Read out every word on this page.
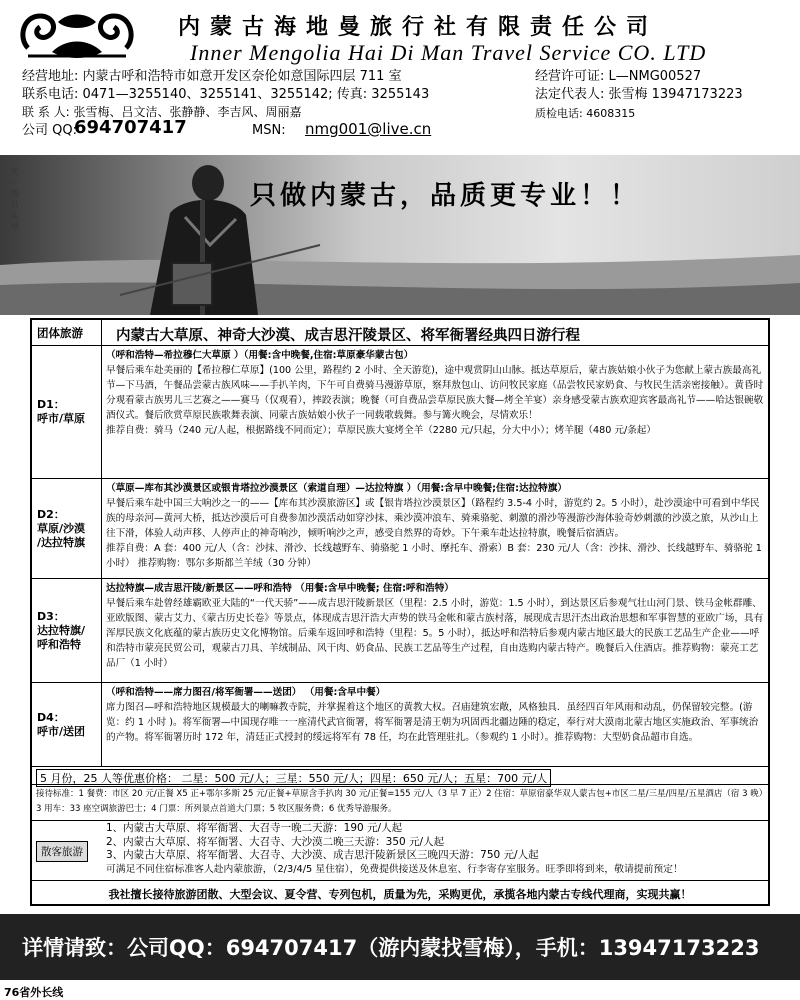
内蒙古海地曼旅行社有限责任公司
Inner Mengolia Hai Di Man Travel Service CO. LTD
经营地址: 内蒙古呼和浩特市如意开发区奈伦如意国际四层 711 室
联系电话: 0471—3255140、3255141、3255142; 传真: 3255143
联 系 人: 张雪梅、吕文洁、张静静、李吉风、周丽嘉
公司 QQ:
694707417	MSN: nmg001@live.cn
经营许可证: L—NMG00527
法定代表人: 张雪梅 13947173223
质检电话: 4608315
只做内蒙古，品质更专业！！
天一秀马头琴
团体旅游	内蒙古大草原、神奇大沙漠、成吉思汗陵景区、将军衙署经典四日游行程
D1：
呼市/草原

（呼和浩特—希拉穆仁大草原 ）（用餐:含中晚餐,住宿:草原豪华蒙古包）

早餐后乘车赴美丽的【希拉穆仁草原】(100 公里，路程约 2 小时、全天游览)，途中观赏阴山山脉。抵达草原后，蒙古族姑娘小伙子为您献上蒙古族最高礼节—下马酒，午餐品尝蒙古族风味——手扒羊肉，下午可自费骑马漫游草原，察拜敖包山、访问牧民家庭（品尝牧民家奶食、与牧民生活亲密接触）。黄昏时分观看蒙古族男儿三艺赛之——赛马（仅观看），摔跤表演；晚餐（可自费品尝草原民族大餐—烤全羊宴）亲身感受蒙古族欢迎宾客最高礼节——哈达银碗敬酒仪式。餐后欣赏草原民族歌舞表演、同蒙古族姑娘小伙子一同载歌载舞。参与篝火晚会，尽情欢乐！

推荐自费：骑马（240 元/人起，根据路线不同而定）；草原民族大宴烤全羊（2280 元/只起，分大中小）；烤羊腿（480 元/条起）

D2：
草原/沙漠
/达拉特旗

（草原—库布其沙漠景区或银肯塔拉沙漠景区（索道自理）—达拉特旗 ）（用餐:含早中晚餐;住宿:达拉特旗）

早餐后乘车赴中国三大响沙之一的——【库布其沙漠旅游区】或【银肯塔拉沙漠景区】（路程约 3.5-4 小时，游览约 2。5 小时），赴沙漠途中可看到中华民族的母亲河—黄河大桥，抵达沙漠后可自费参加沙漠活动如穿沙抹、乘沙漠冲浪车、骑乘骆驼、刺激的滑沙等漫游沙海体验奇妙刺激的沙漠之旅，从沙山上往下滑，体验人动声移、人停声止的神奇响沙，倾听响沙之声，感受自然界的奇妙。下午乘车赴达拉特旗，晚餐后宿酒店。

推荐自费：A 套：400 元/人（含：沙抹、滑沙、长线越野车、骑骆驼 1 小时、摩托车、滑索）B 套：230 元/人（含：沙抹、滑沙、长线越野车、骑骆驼 1 小时） 推荐购物：鄂尔多斯都兰羊绒（30 分钟）

D3：
达拉特旗/
呼和浩特

达拉特旗—成吉思汗陵/新景区——呼和浩特 （用餐:含早中晚餐; 住宿:呼和浩特）

早餐后乘车赴曾经雄霸欧亚大陆的“一代天骄”——成吉思汗陵新景区（里程：2.5 小时，游览：1.5 小时），到达景区后参观气壮山河门景、铁马金帐群雕、亚欧版图、蒙古艾力、《蒙古历史长卷》等景点，体现成吉思汗浩大声势的铁马金帐和蒙古族村落，展现成吉思汗杰出政治思想和军事智慧的亚欧广场，具有浑厚民族文化底蕴的蒙古族历史文化博物馆。后乘车返回呼和浩特（里程：5。5 小时），抵达呼和浩特后参观内蒙古地区最大的民族工艺品生产企业——呼和浩特市蒙亮民贸公司，观蒙古刀具、羊绒制品、风干肉、奶食品、民族工艺品等生产过程，自由选购内蒙古特产。晚餐后入住酒店。推荐购物：蒙亮工艺品厂（1 小时）

D4：
呼市/送团

（呼和浩特——席力图召/将军衙署——送团） （用餐:含早中餐）

席力图召—呼和浩特地区规模最大的喇嘛教寺院，并掌握着这个地区的黄教大权。召庙建筑宏敞，风格独具．虽经四百年风雨和动乱，仍保留较完整。(游览：约 1 小时 )。将军衙署—中国现存唯一一座清代武官衙署，将军衙署是清王朝为巩固西北疆边陲的稳定，奉行对大漠南北蒙古地区实施政治、军事统治的产物。将军衙署历时 172 年，清廷正式授封的绥远将军有 78 任，均在此管理驻扎。（参观约 1 小时）。推荐购物：大型奶食品超市自选。

5 月份，25 人等优惠价格： 二星：500 元/人；三星：550 元/人；四星：650 元/人；五星：700 元/人
接待标准：1 餐费：市区 20 元/正餐 X5 正+鄂尔多斯 25 元/正餐+草原含手扒肉 30 元/正餐=155 元/人（3 早 7 正）2 住宿：草原宿豪华双人蒙古包+市区二星/三星/四星/五星酒店（宿 3 晚）3 用车：33 座空调旅游巴士；4 门票：所列景点首道大门票；5 牧区服务费；6 优秀导游服务。
散客旅游

1、内蒙古大草原、将军衙署、大召寺一晚二天游：190 元/人起

2、内蒙古大草原、将军衙署、大召寺、大沙漠二晚三天游：350 元/人起

3、内蒙古大草原、将军衙署、大召寺、大沙漠、成吉思汗陵新景区三晚四天游：750 元/人起

可满足不同住宿标准客人赴内蒙旅游，（2/3/4/5 星住宿），免费提供接送及休息室、行李寄存室服务。旺季即将到来，敬请提前预定！

我社擅长接待旅游团散、大型会议、夏令营、专列包机，质量为先，采购更优，承揽各地内蒙古专线代理商，实现共赢！
详情请致：公司QQ：694707417（游内蒙找雪梅），手机：13947173223
76省外长线
